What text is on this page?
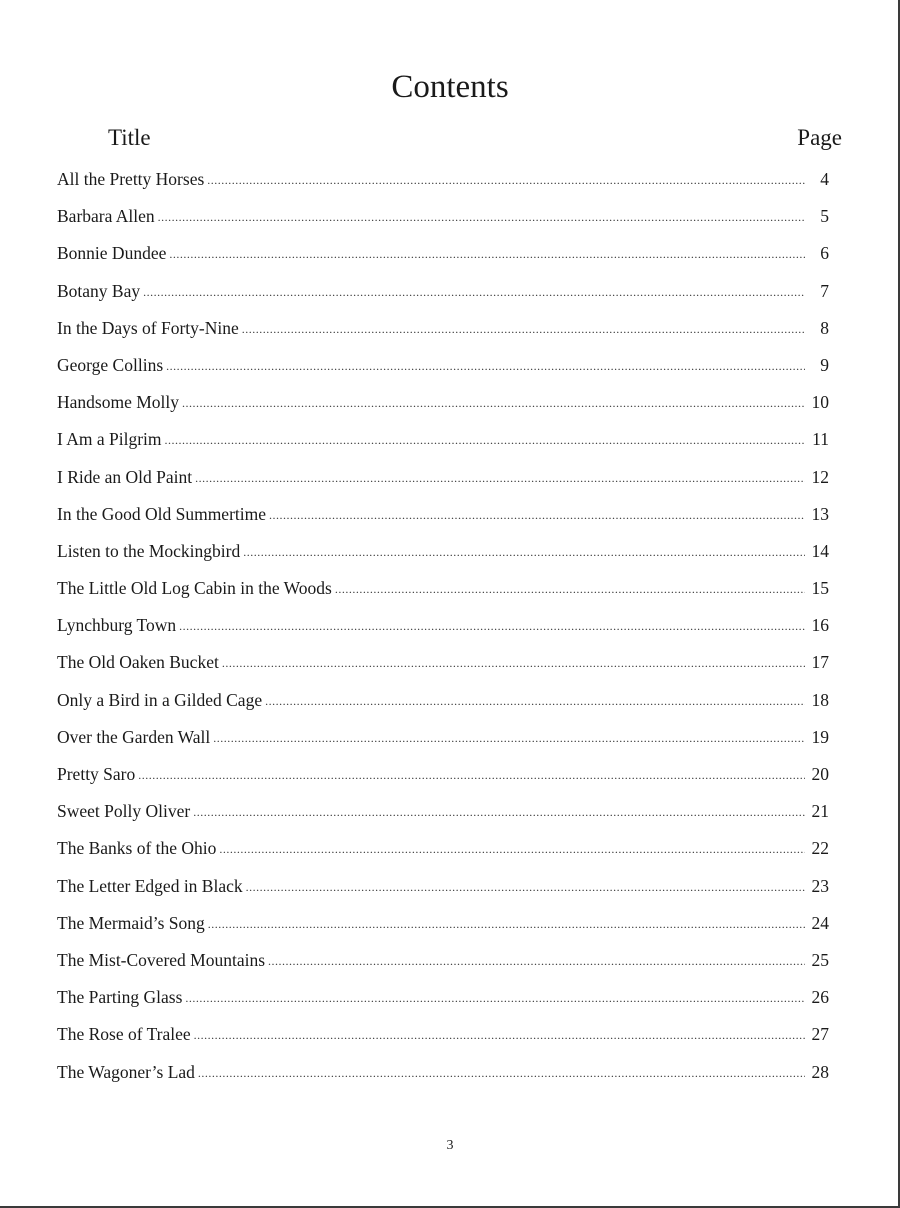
Contents
Title	Page
All the Pretty Horses .....	4
Barbara Allen .....	5
Bonnie Dundee .....	6
Botany Bay .....	7
In the Days of Forty-Nine .....	8
George Collins .....	9
Handsome Molly .....	10
I Am a Pilgrim .....	11
I Ride an Old Paint .....	12
In the Good Old Summertime .....	13
Listen to the Mockingbird .....	14
The Little Old Log Cabin in the Woods .....	15
Lynchburg Town .....	16
The Old Oaken Bucket .....	17
Only a Bird in a Gilded Cage .....	18
Over the Garden Wall .....	19
Pretty Saro .....	20
Sweet Polly Oliver .....	21
The Banks of the Ohio .....	22
The Letter Edged in Black .....	23
The Mermaid’s Song .....	24
The Mist-Covered Mountains .....	25
The Parting Glass .....	26
The Rose of Tralee .....	27
The Wagoner’s Lad .....	28
3
